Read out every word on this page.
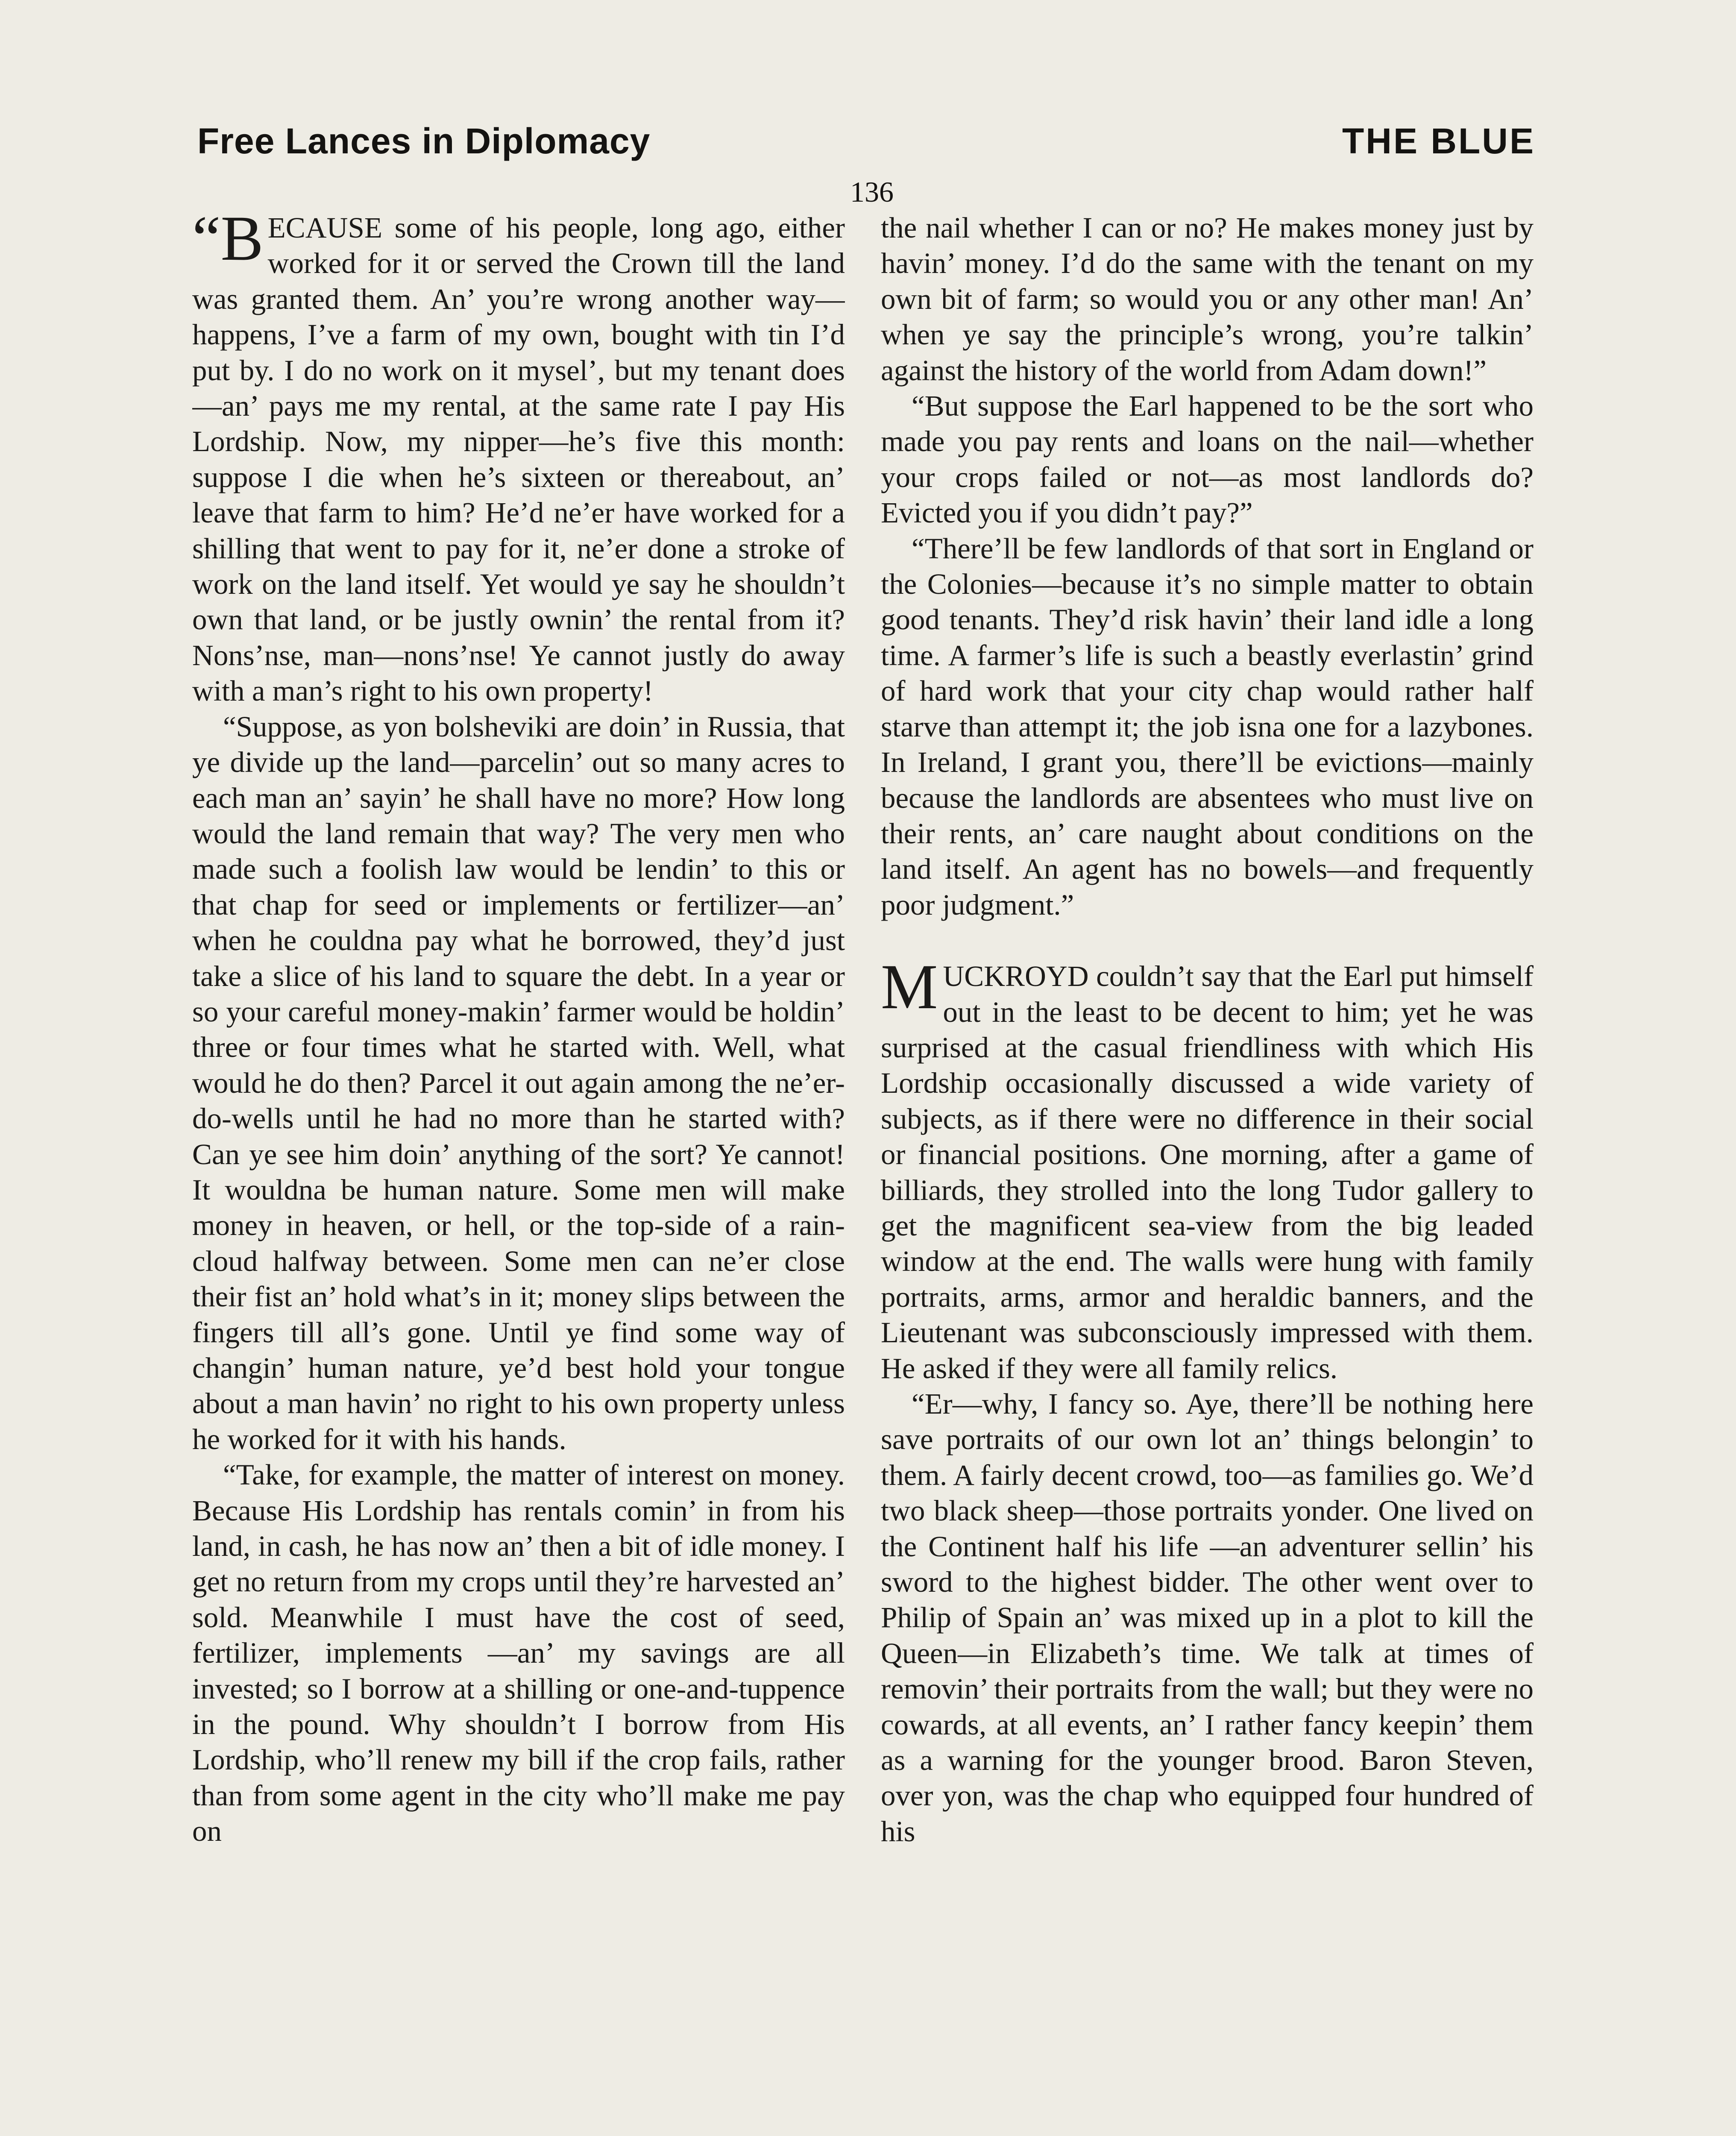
Free Lances in Diplomacy	THE BLUE
136

“B ECAUSE some of his people, long ago, either worked for it or served the Crown till the land was granted them. An’ you’re wrong another way—happens, I’ve a farm of my own, bought with tin I’d put by. I do no work on it mysel’, but my tenant does—an’ pays me my rental, at the same rate I pay His Lordship. Now, my nipper—he’s five this month: suppose I die when he’s sixteen or thereabout, an’ leave that farm to him? He’d ne’er have worked for a shilling that went to pay for it, ne’er done a stroke of work on the land itself. Yet would ye say he shouldn’t own that land, or be justly ownin’ the rental from it? Nons’nse, man—nons’nse! Ye cannot justly do away with a man’s right to his own property!

“Suppose, as yon bolsheviki are doin’ in Russia, that ye divide up the land—parcelin’ out so many acres to each man an’ sayin’ he shall have no more? How long would the land remain that way? The very men who made such a foolish law would be lendin’ to this or that chap for seed or implements or fertilizer—an’ when he couldna pay what he borrowed, they’d just take a slice of his land to square the debt. In a year or so your careful money-makin’ farmer would be holdin’ three or four times what he started with. Well, what would he do then? Parcel it out again among the ne’er-do-wells until he had no more than he started with? Can ye see him doin’ anything of the sort? Ye cannot! It wouldna be human nature. Some men will make money in heaven, or hell, or the top-side of a rain-cloud halfway between. Some men can ne’er close their fist an’ hold what’s in it; money slips between the fingers till all’s gone. Until ye find some way of changin’ human nature, ye’d best hold your tongue about a man havin’ no right to his own property unless he worked for it with his hands.

“Take, for example, the matter of interest on money. Because His Lordship has rentals comin’ in from his land, in cash, he has now an’ then a bit of idle money. I get no return from my crops until they’re harvested an’ sold. Meanwhile I must have the cost of seed, fertilizer, implements —an’ my savings are all invested; so I borrow at a shilling or one-and-tuppence in the pound. Why shouldn’t I borrow from His Lordship, who’ll renew my bill if the crop fails, rather than from some agent in the city who’ll make me pay on

the nail whether I can or no? He makes money just by havin’ money. I’d do the same with the tenant on my own bit of farm; so would you or any other man! An’ when ye say the principle’s wrong, you’re talkin’ against the history of the world from Adam down!”

“But suppose the Earl happened to be the sort who made you pay rents and loans on the nail—whether your crops failed or not—as most landlords do? Evicted you if you didn’t pay?”

“There’ll be few landlords of that sort in England or the Colonies—because it’s no simple matter to obtain good tenants. They’d risk havin’ their land idle a long time. A farmer’s life is such a beastly everlastin’ grind of hard work that your city chap would rather half starve than attempt it; the job isna one for a lazybones. In Ireland, I grant you, there’ll be evictions—mainly because the landlords are absentees who must live on their rents, an’ care naught about conditions on the land itself. An agent has no bowels—and frequently poor judgment.”

MUCKROYD couldn’t say that the Earl put himself out in the least to be decent to him; yet he was surprised at the casual friendliness with which His Lordship occasionally discussed a wide variety of subjects, as if there were no difference in their social or financial positions. One morning, after a game of billiards, they strolled into the long Tudor gallery to get the magnificent sea-view from the big leaded window at the end. The walls were hung with family portraits, arms, armor and heraldic banners, and the Lieutenant was subconsciously impressed with them. He asked if they were all family relics.

“Er—why, I fancy so. Aye, there’ll be nothing here save portraits of our own lot an’ things belongin’ to them. A fairly decent crowd, too—as families go. We’d two black sheep—those portraits yonder. One lived on the Continent half his life —an adventurer sellin’ his sword to the highest bidder. The other went over to Philip of Spain an’ was mixed up in a plot to kill the Queen—in Elizabeth’s time. We talk at times of removin’ their portraits from the wall; but they were no cowards, at all events, an’ I rather fancy keepin’ them as a warning for the younger brood. Baron Steven, over yon, was the chap who equipped four hundred of his
